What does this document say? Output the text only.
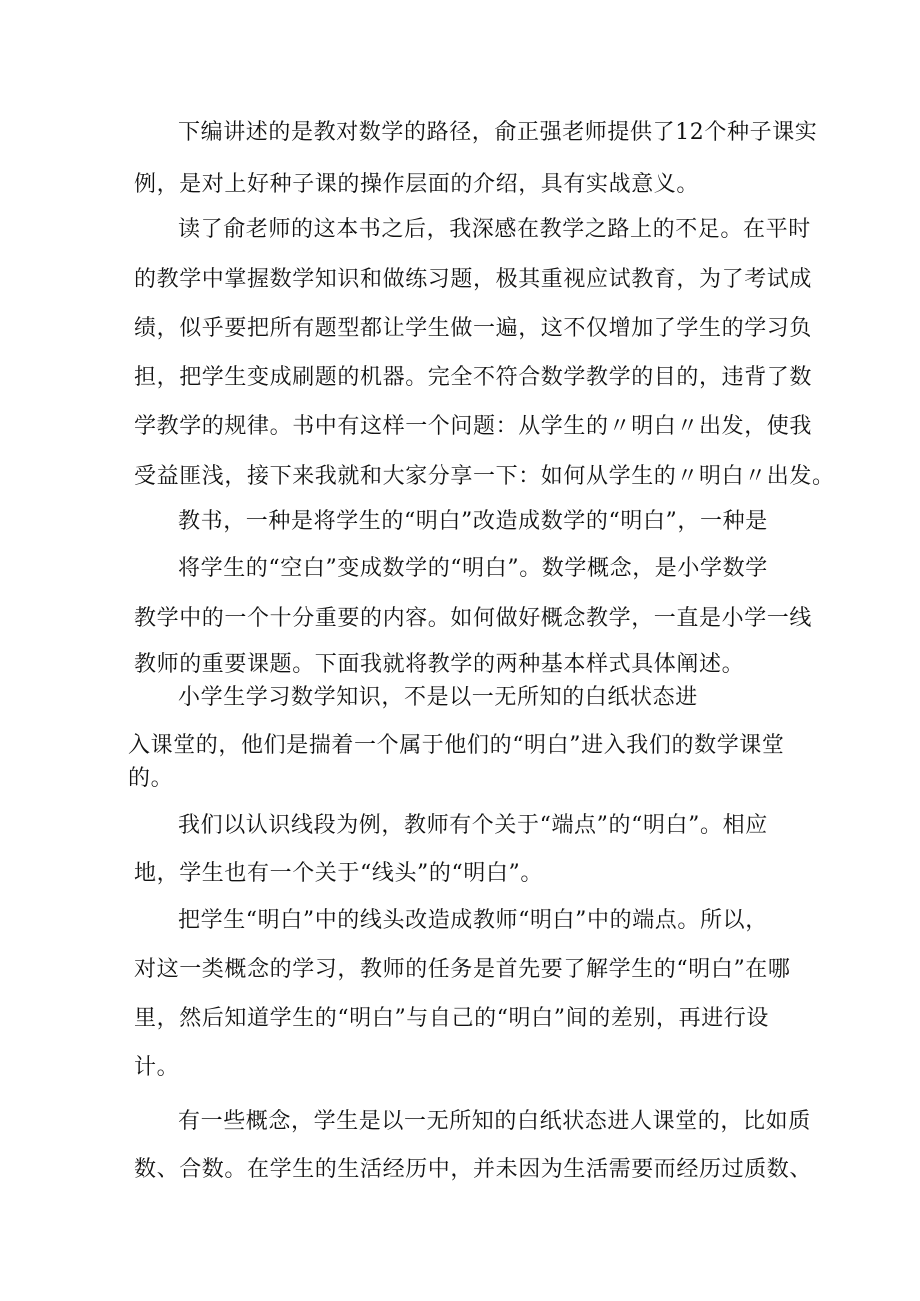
下编讲述的是教对数学的路径，俞正强老师提供了12个种子课实
例，是对上好种子课的操作层面的介绍，具有实战意义。
读了俞老师的这本书之后，我深感在教学之路上的不足。在平时
的教学中掌握数学知识和做练习题，极其重视应试教育，为了考试成
绩，似乎要把所有题型都让学生做一遍，这不仅增加了学生的学习负
担，把学生变成刷题的机器。完全不符合数学教学的目的，违背了数
学教学的规律。书中有这样一个问题：从学生的〃明白〃出发，使我
受益匪浅，接下来我就和大家分享一下：如何从学生的〃明白〃出发。
教书，一种是将学生的“明白”改造成数学的“明白”，一种是
将学生的“空白”变成数学的“明白”。数学概念，是小学数学
教学中的一个十分重要的内容。如何做好概念教学，一直是小学一线
教师的重要课题。下面我就将教学的两种基本样式具体阐述。
小学生学习数学知识，不是以一无所知的白纸状态进
入课堂的，他们是揣着一个属于他们的“明白”进入我们的数学课堂
的。
我们以认识线段为例，教师有个关于“端点”的“明白”。相应
地，学生也有一个关于“线头”的“明白”。
把学生“明白”中的线头改造成教师“明白”中的端点。所以，
对这一类概念的学习，教师的任务是首先要了解学生的“明白”在哪
里，然后知道学生的“明白”与自己的“明白”间的差别，再进行设
计。
有一些概念，学生是以一无所知的白纸状态进人课堂的，比如质
数、合数。在学生的生活经历中，并未因为生活需要而经历过质数、
